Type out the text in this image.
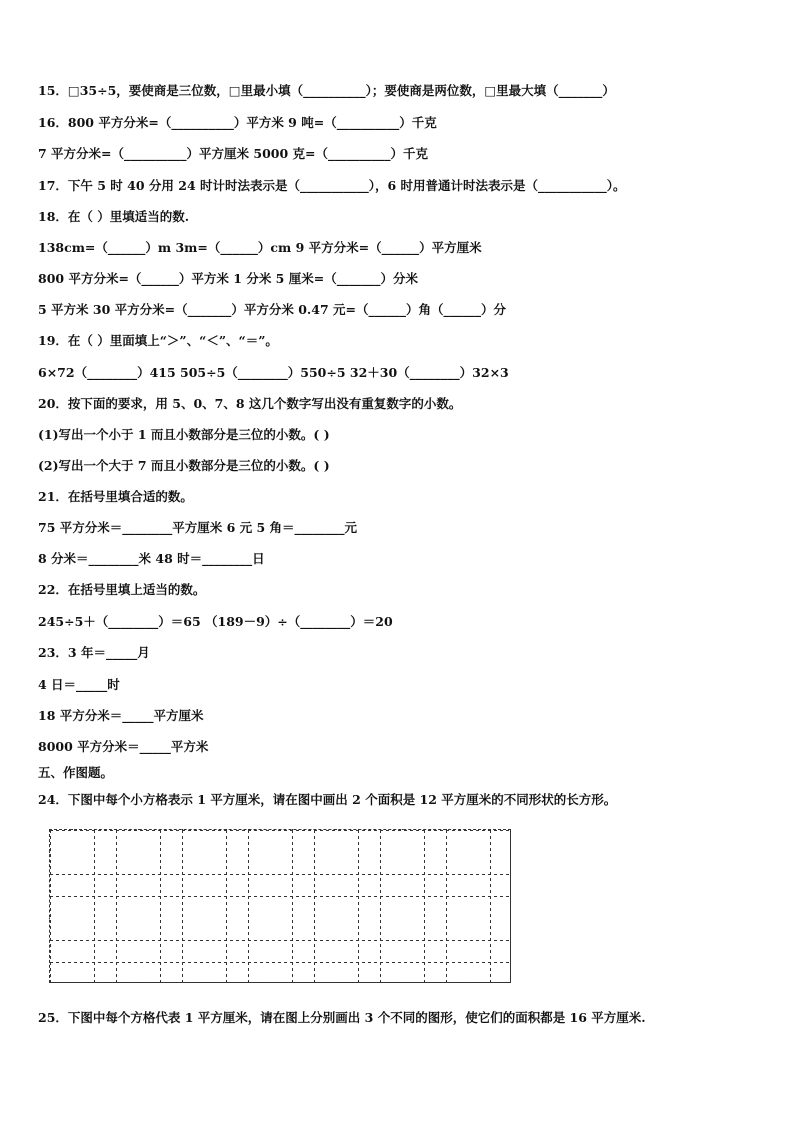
15．□35÷5，要使商是三位数，□里最小填（__________）；要使商是两位数，□里最大填（_______）
16．800 平方分米=（__________）平方米 9 吨=（__________）千克
7 平方分米=（__________）平方厘米 5000 克=（__________）千克
17．下午 5 时 40 分用 24 时计时法表示是（___________），6 时用普通计时法表示是（___________）。
18．在（ ）里填适当的数.
138cm=（______）m 3m=（______）cm 9 平方分米=（______）平方厘米
800 平方分米=（______）平方米 1 分米 5 厘米=（_______）分米
5 平方米 30 平方分米=（_______）平方分米 0.47 元=（______）角（______）分
19．在（ ）里面填上“＞”、“＜”、“＝”。
6×72（________）415 505÷5（________）550÷5 32＋30（________）32×3
20．按下面的要求，用 5、0、7、8 这几个数字写出没有重复数字的小数。
(1)写出一个小于 1 而且小数部分是三位的小数。( )
(2)写出一个大于 7 而且小数部分是三位的小数。( )
21．在括号里填合适的数。
75 平方分米＝________平方厘米 6 元 5 角＝________元
8 分米＝________米 48 时＝________日
22．在括号里填上适当的数。
245÷5＋（________）＝65 （189－9）÷（________）＝20
23．3 年＝_____月
4 日＝_____时
18 平方分米＝_____平方厘米
8000 平方分米＝_____平方米
五、作图题。
24．下图中每个小方格表示 1 平方厘米，请在图中画出 2 个面积是 12 平方厘米的不同形状的长方形。
25．下图中每个方格代表 1 平方厘米，请在图上分别画出 3 个不同的图形，使它们的面积都是 16 平方厘米.
